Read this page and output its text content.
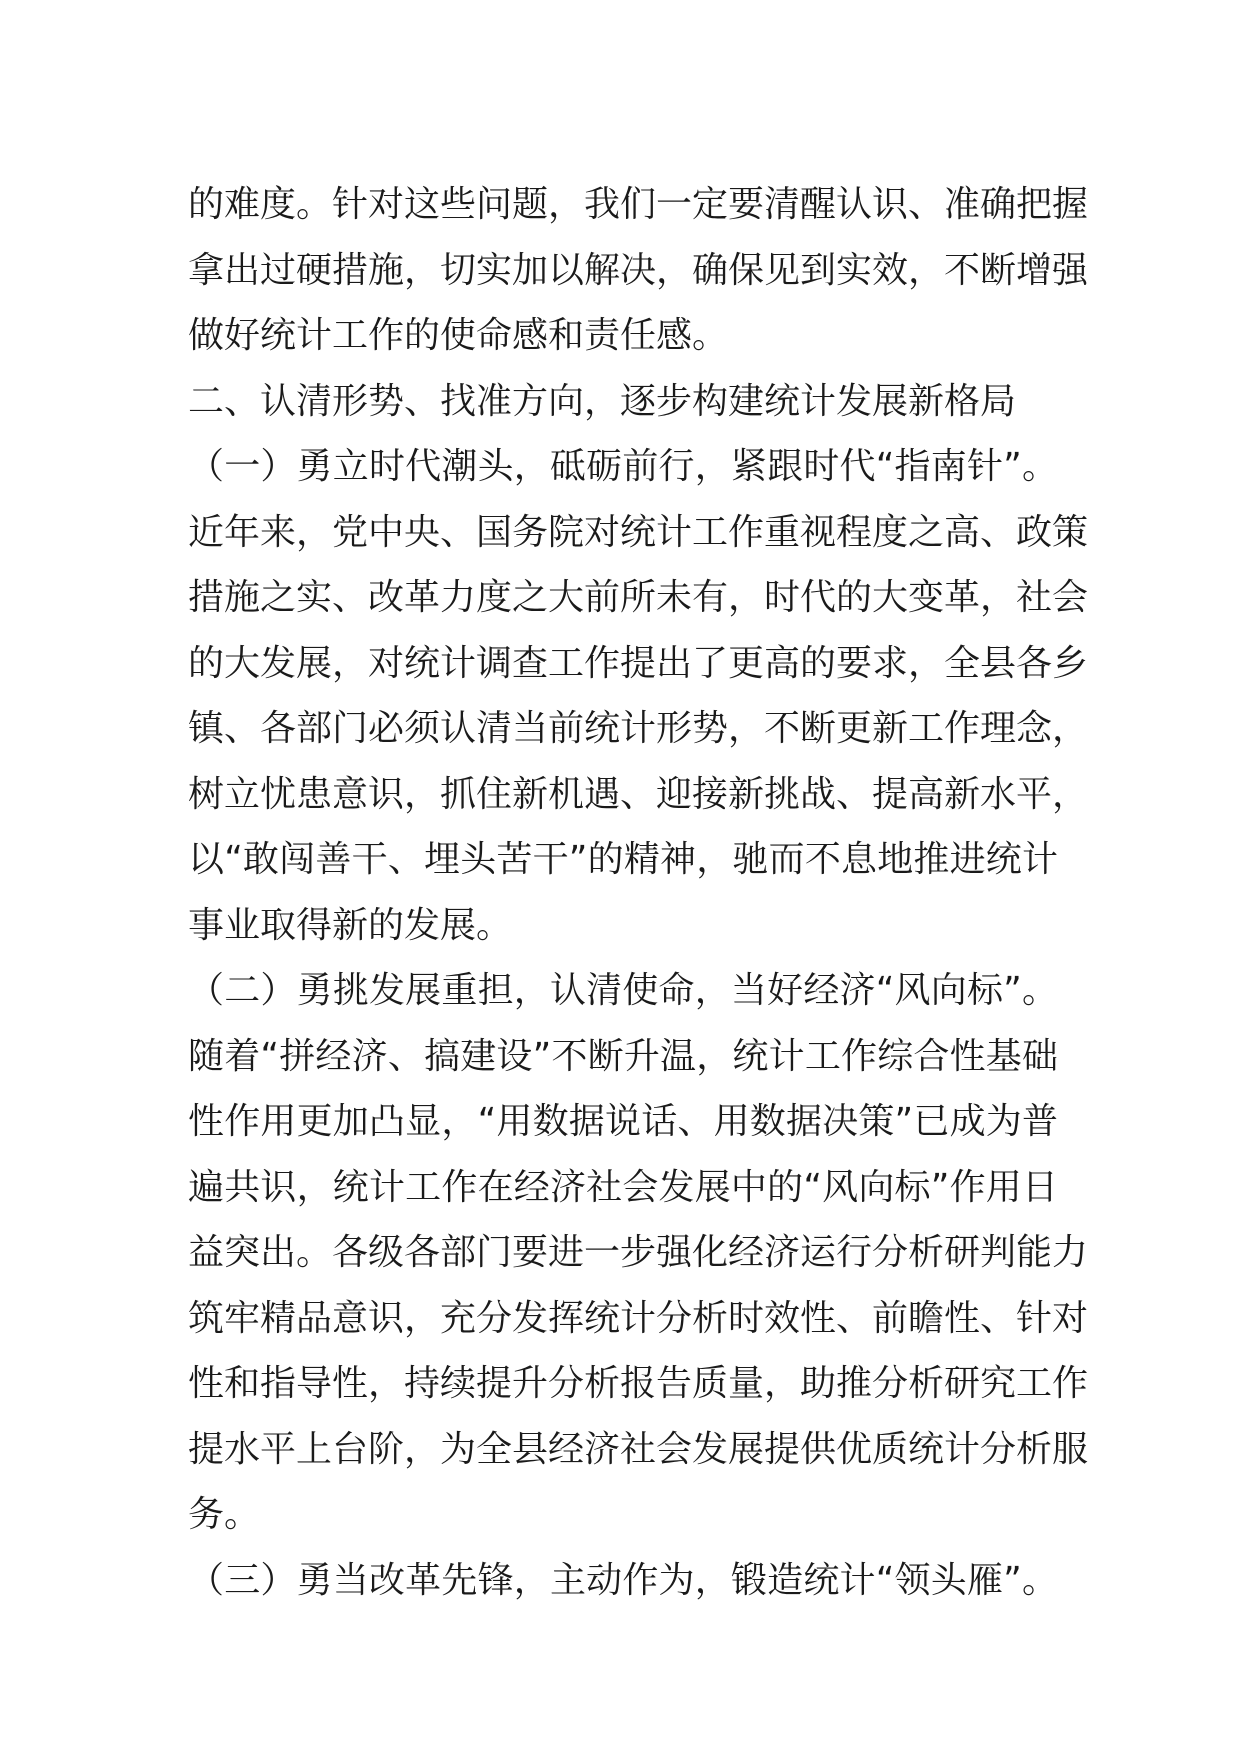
的难度。针对这些问题，我们一定要清醒认识、准确把握
拿出过硬措施，切实加以解决，确保见到实效，不断增强
做好统计工作的使命感和责任感。
二、认清形势、找准方向，逐步构建统计发展新格局
（一）勇立时代潮头，砥砺前行，紧跟时代“指南针”。
近年来，党中央、国务院对统计工作重视程度之高、政策
措施之实、改革力度之大前所未有，时代的大变革，社会
的大发展，对统计调查工作提出了更高的要求，全县各乡
镇、各部门必须认清当前统计形势，不断更新工作理念，
树立忧患意识，抓住新机遇、迎接新挑战、提高新水平，
以“敢闯善干、埋头苦干”的精神，驰而不息地推进统计
事业取得新的发展。
（二）勇挑发展重担，认清使命，当好经济“风向标”。
随着“拼经济、搞建设”不断升温，统计工作综合性基础
性作用更加凸显，“用数据说话、用数据决策”已成为普
遍共识，统计工作在经济社会发展中的“风向标”作用日
益突出。各级各部门要进一步强化经济运行分析研判能力
筑牢精品意识，充分发挥统计分析时效性、前瞻性、针对
性和指导性，持续提升分析报告质量，助推分析研究工作
提水平上台阶，为全县经济社会发展提供优质统计分析服
务。
（三）勇当改革先锋，主动作为，锻造统计“领头雁”。
